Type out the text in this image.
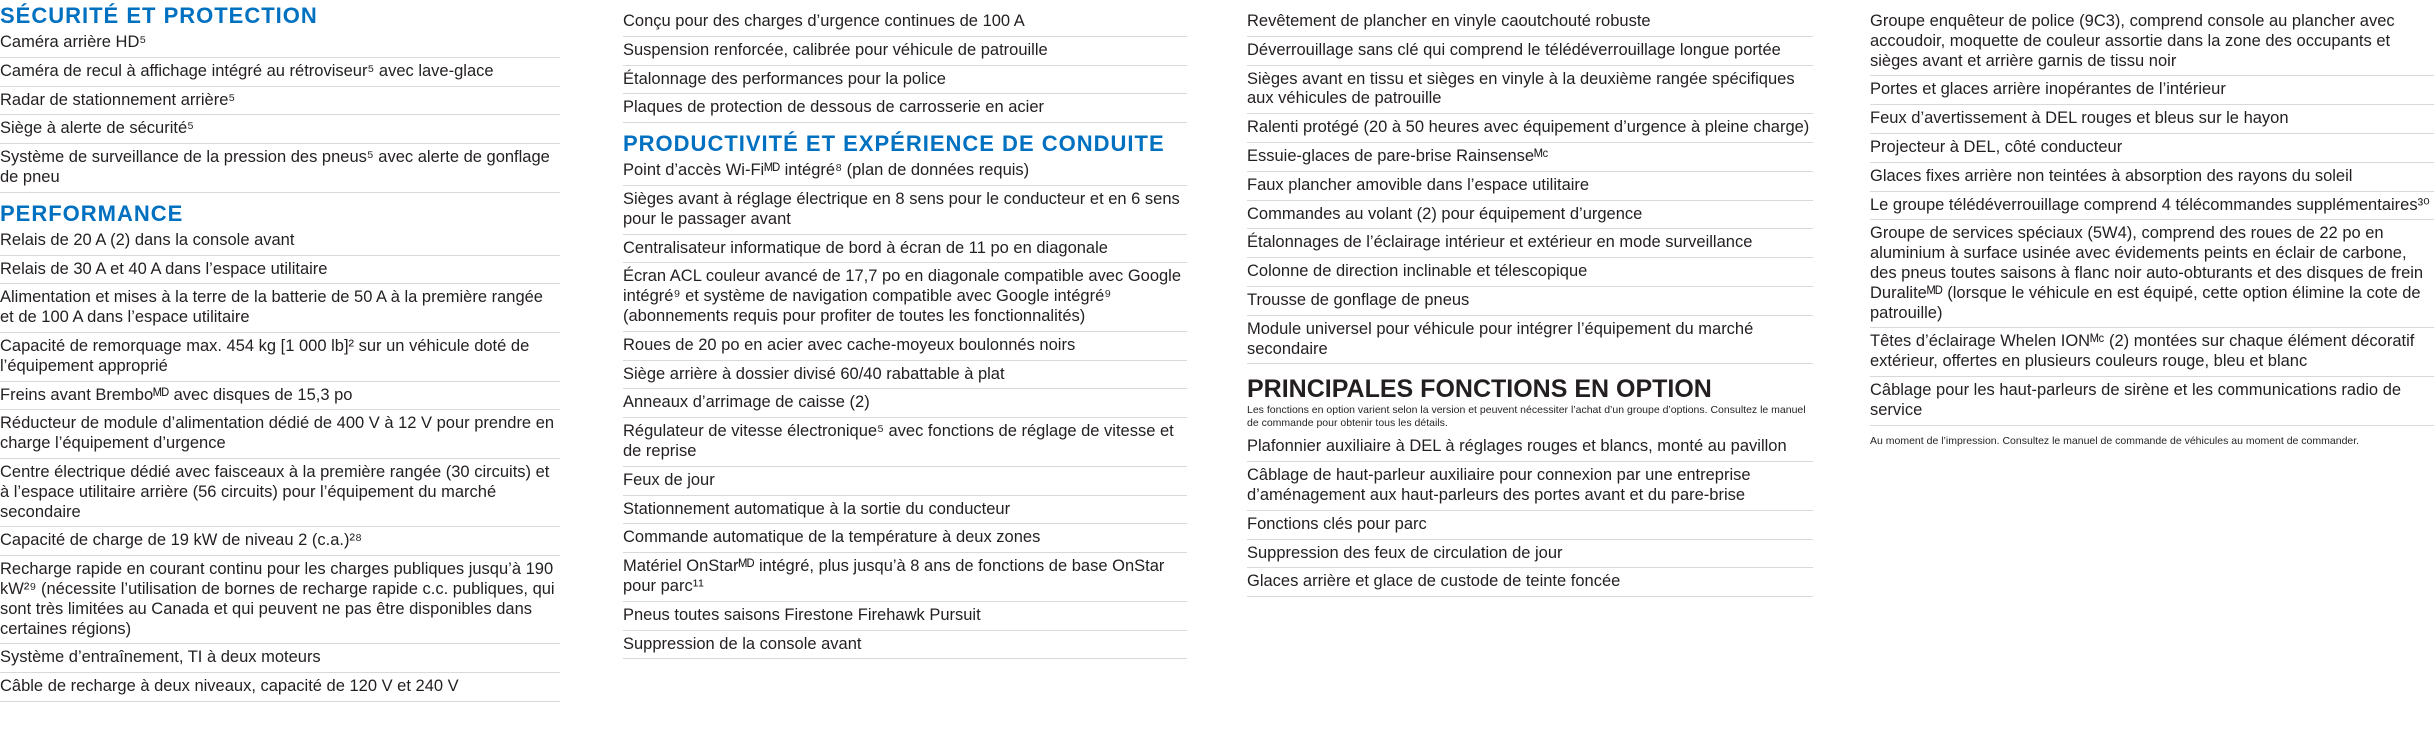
SÉCURITÉ ET PROTECTION
Caméra arrière HD⁵
Caméra de recul à affichage intégré au rétroviseur⁵ avec lave-glace
Radar de stationnement arrière⁵
Siège à alerte de sécurité⁵
Système de surveillance de la pression des pneus⁵ avec alerte de gonflage de pneu
PERFORMANCE
Relais de 20 A (2) dans la console avant
Relais de 30 A et 40 A dans l’espace utilitaire
Alimentation et mises à la terre de la batterie de 50 A à la première rangée et de 100 A dans l’espace utilitaire
Capacité de remorquage max. 454 kg [1 000 lb]² sur un véhicule doté de l’équipement approprié
Freins avant Bremboᴹᴰ avec disques de 15,3 po
Réducteur de module d’alimentation dédié de 400 V à 12 V pour prendre en charge l’équipement d’urgence
Centre électrique dédié avec faisceaux à la première rangée (30 circuits) et à l’espace utilitaire arrière (56 circuits) pour l’équipement du marché secondaire
Capacité de charge de 19 kW de niveau 2 (c.a.)²⁸
Recharge rapide en courant continu pour les charges publiques jusqu’à 190 kW²⁹ (nécessite l’utilisation de bornes de recharge rapide c.c. publiques, qui sont très limitées au Canada et qui peuvent ne pas être disponibles dans certaines régions)
Système d’entraînement, TI à deux moteurs
Câble de recharge à deux niveaux, capacité de 120 V et 240 V
Conçu pour des charges d’urgence continues de 100 A
Suspension renforcée, calibrée pour véhicule de patrouille
Étalonnage des performances pour la police
Plaques de protection de dessous de carrosserie en acier
PRODUCTIVITÉ ET EXPÉRIENCE DE CONDUITE
Point d’accès Wi-Fiᴹᴰ intégré⁸ (plan de données requis)
Sièges avant à réglage électrique en 8 sens pour le conducteur et en 6 sens pour le passager avant
Centralisateur informatique de bord à écran de 11 po en diagonale
Écran ACL couleur avancé de 17,7 po en diagonale compatible avec Google intégré⁹ et système de navigation compatible avec Google intégré⁹ (abonnements requis pour profiter de toutes les fonctionnalités)
Roues de 20 po en acier avec cache-moyeux boulonnés noirs
Siège arrière à dossier divisé 60/40 rabattable à plat
Anneaux d’arrimage de caisse (2)
Régulateur de vitesse électronique⁵ avec fonctions de réglage de vitesse et de reprise
Feux de jour
Stationnement automatique à la sortie du conducteur
Commande automatique de la température à deux zones
Matériel OnStarᴹᴰ intégré, plus jusqu’à 8 ans de fonctions de base OnStar pour parc¹¹
Pneus toutes saisons Firestone Firehawk Pursuit
Suppression de la console avant
Revêtement de plancher en vinyle caoutchouté robuste
Déverrouillage sans clé qui comprend le télédéverrouillage longue portée
Sièges avant en tissu et sièges en vinyle à la deuxième rangée spécifiques aux véhicules de patrouille
Ralenti protégé (20 à 50 heures avec équipement d’urgence à pleine charge)
Essuie-glaces de pare-brise Rainsenseᴹᶜ
Faux plancher amovible dans l’espace utilitaire
Commandes au volant (2) pour équipement d’urgence
Étalonnages de l’éclairage intérieur et extérieur en mode surveillance
Colonne de direction inclinable et télescopique
Trousse de gonflage de pneus
Module universel pour véhicule pour intégrer l’équipement du marché secondaire
PRINCIPALES FONCTIONS EN OPTION
Les fonctions en option varient selon la version et peuvent nécessiter l’achat d’un groupe d’options. Consultez le manuel de commande pour obtenir tous les détails.
Plafonnier auxiliaire à DEL à réglages rouges et blancs, monté au pavillon
Câblage de haut-parleur auxiliaire pour connexion par une entreprise d’aménagement aux haut-parleurs des portes avant et du pare-brise
Fonctions clés pour parc
Suppression des feux de circulation de jour
Glaces arrière et glace de custode de teinte foncée
Groupe enquêteur de police (9C3), comprend console au plancher avec accoudoir, moquette de couleur assortie dans la zone des occupants et sièges avant et arrière garnis de tissu noir
Portes et glaces arrière inopérantes de l’intérieur
Feux d’avertissement à DEL rouges et bleus sur le hayon
Projecteur à DEL, côté conducteur
Glaces fixes arrière non teintées à absorption des rayons du soleil
Le groupe télédéverrouillage comprend 4 télécommandes supplémentaires³⁰
Groupe de services spéciaux (5W4), comprend des roues de 22 po en aluminium à surface usinée avec évidements peints en éclair de carbone, des pneus toutes saisons à flanc noir auto-obturants et des disques de frein Duraliteᴹᴰ (lorsque le véhicule en est équipé, cette option élimine la cote de patrouille)
Têtes d’éclairage Whelen IONᴹᶜ (2) montées sur chaque élément décoratif extérieur, offertes en plusieurs couleurs rouge, bleu et blanc
Câblage pour les haut-parleurs de sirène et les communications radio de service
Au moment de l’impression. Consultez le manuel de commande de véhicules au moment de commander.
